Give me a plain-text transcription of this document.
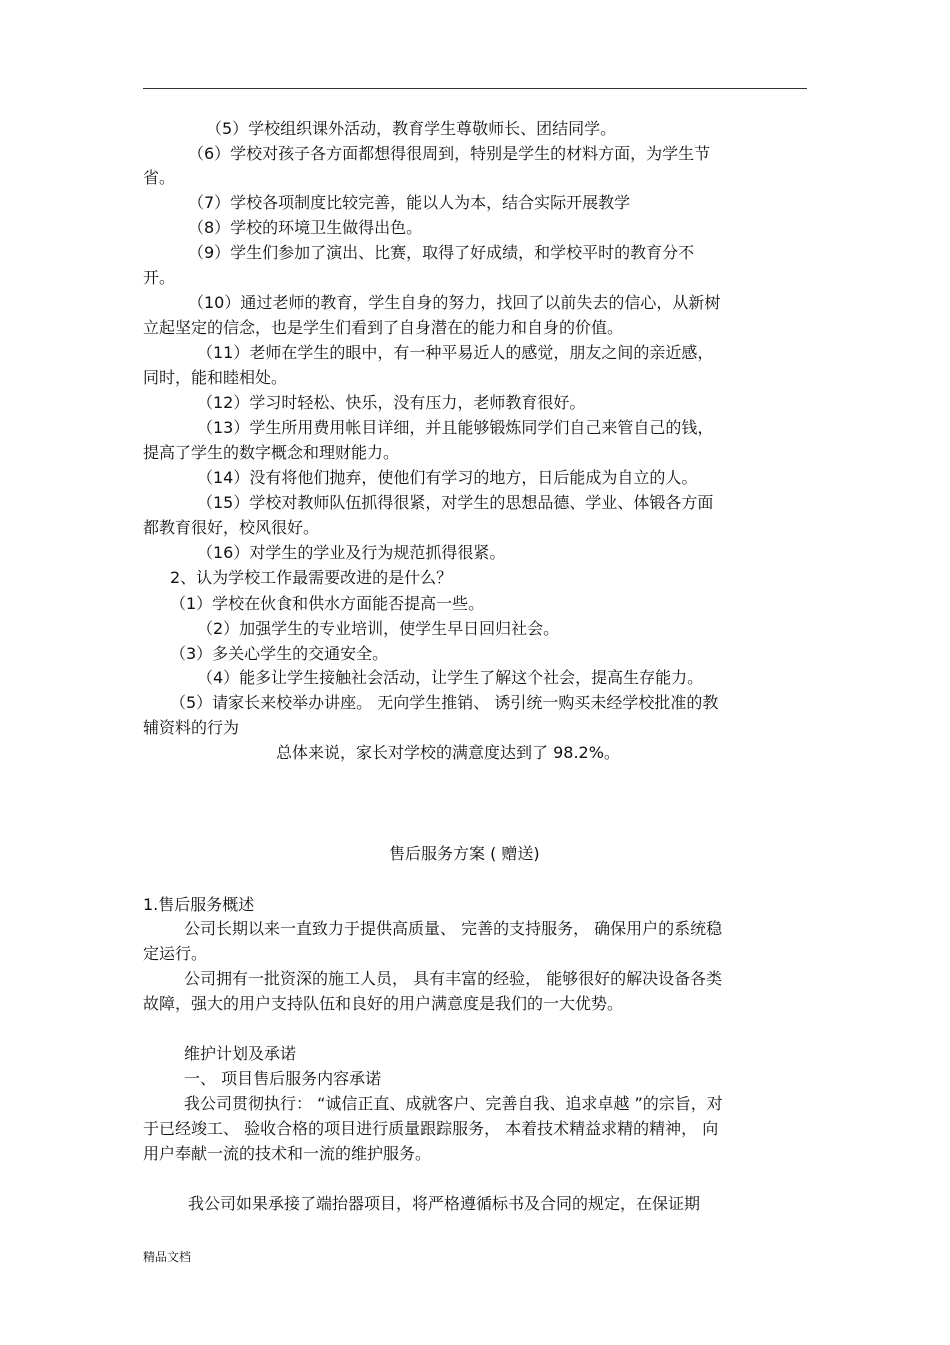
（5）学校组织课外活动，教育学生尊敬师长、团结同学。
（6）学校对孩子各方面都想得很周到，特别是学生的材料方面，为学生节
省。
（7）学校各项制度比较完善，能以人为本，结合实际开展教学
（8）学校的环境卫生做得出色。
（9）学生们参加了演出、比赛，取得了好成绩，和学校平时的教育分不
开。
（10）通过老师的教育，学生自身的努力，找回了以前失去的信心，从新树
立起坚定的信念，也是学生们看到了自身潜在的能力和自身的价值。
（11）老师在学生的眼中，有一种平易近人的感觉，朋友之间的亲近感，
同时，能和睦相处。
（12）学习时轻松、快乐，没有压力，老师教育很好。
（13）学生所用费用帐目详细，并且能够锻炼同学们自己来管自己的钱，
提高了学生的数字概念和理财能力。
（14）没有将他们抛弃，使他们有学习的地方，日后能成为自立的人。
（15）学校对教师队伍抓得很紧，对学生的思想品德、学业、体锻各方面
都教育很好，校风很好。
（16）对学生的学业及行为规范抓得很紧。
2、认为学校工作最需要改进的是什么？
（1）学校在伙食和供水方面能否提高一些。
（2）加强学生的专业培训，使学生早日回归社会。
（3）多关心学生的交通安全。
（4）能多让学生接触社会活动，让学生了解这个社会，提高生存能力。
（5）请家长来校举办讲座。 无向学生推销、 诱引统一购买未经学校批准的教
辅资料的行为
总体来说，家长对学校的满意度达到了 98.2%。
售后服务方案 ( 赠送)
1.售后服务概述
公司长期以来一直致力于提供高质量、 完善的支持服务， 确保用户的系统稳
定运行。
公司拥有一批资深的施工人员， 具有丰富的经验， 能够很好的解决设备各类
故障，强大的用户支持队伍和良好的用户满意度是我们的一大优势。
维护计划及承诺
一、 项目售后服务内容承诺
我公司贯彻执行： “诚信正直、成就客户、完善自我、追求卓越 ”的宗旨，对
于已经竣工、 验收合格的项目进行质量跟踪服务， 本着技术精益求精的精神， 向
用户奉献一流的技术和一流的维护服务。
我公司如果承接了端抬器项目，将严格遵循标书及合同的规定，在保证期
精品文档
